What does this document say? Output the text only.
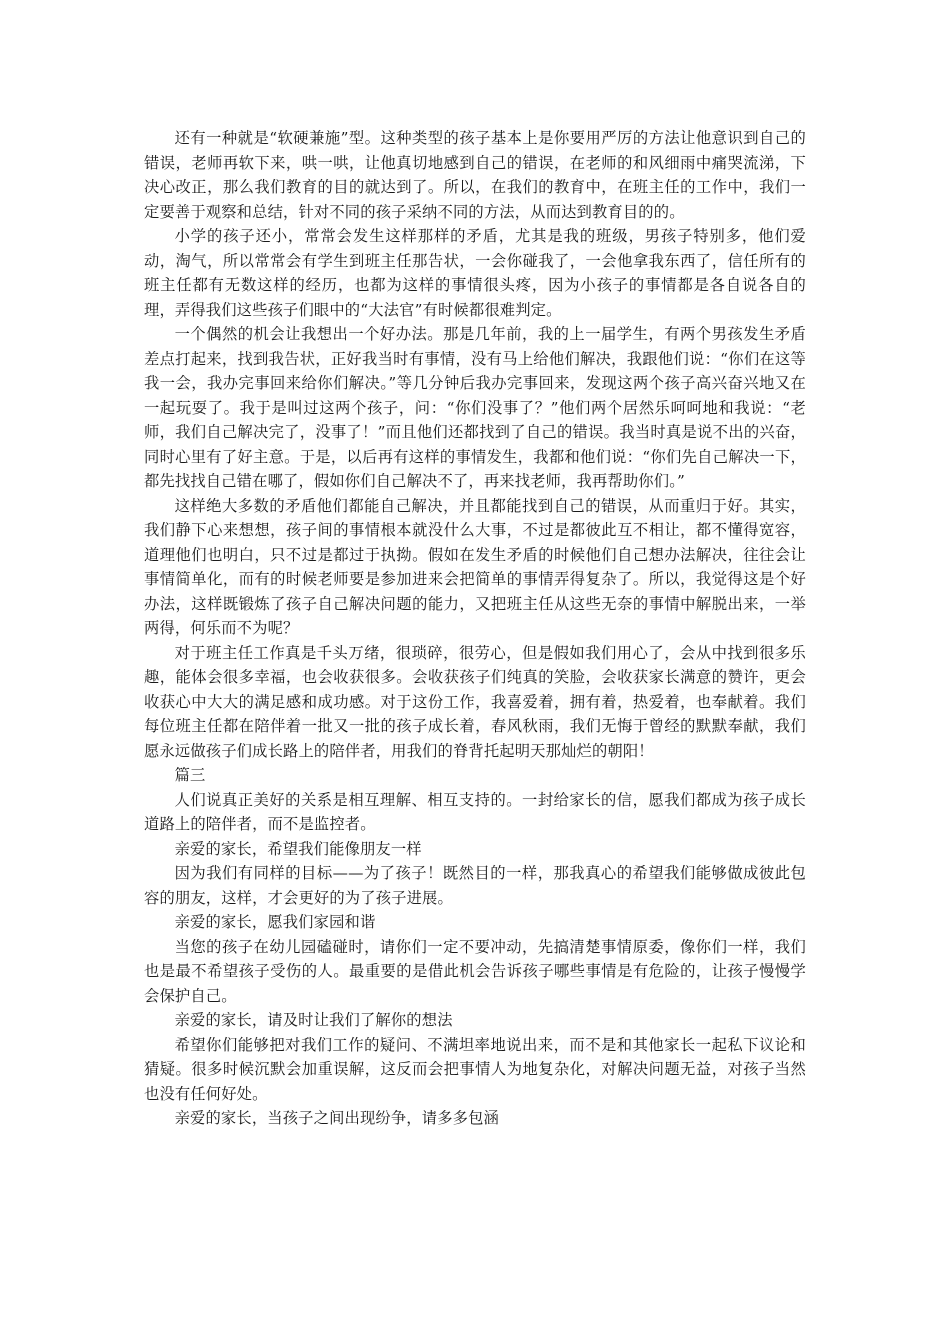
还有一种就是“软硬兼施”型。这种类型的孩子基本上是你要用严厉的方法让他意识到自己的错误，老师再软下来，哄一哄，让他真切地感到自己的错误，在老师的和风细雨中痛哭流涕，下决心改正，那么我们教育的目的就达到了。所以，在我们的教育中，在班主任的工作中，我们一定要善于观察和总结，针对不同的孩子采纳不同的方法，从而达到教育目的的。

小学的孩子还小，常常会发生这样那样的矛盾，尤其是我的班级，男孩子特别多，他们爱动，淘气，所以常常会有学生到班主任那告状，一会你碰我了，一会他拿我东西了，信任所有的班主任都有无数这样的经历，也都为这样的事情很头疼，因为小孩子的事情都是各自说各自的理，弄得我们这些孩子们眼中的“大法官”有时候都很难判定。

一个偶然的机会让我想出一个好办法。那是几年前，我的上一届学生，有两个男孩发生矛盾差点打起来，找到我告状，正好我当时有事情，没有马上给他们解决，我跟他们说：“你们在这等我一会，我办完事回来给你们解决。”等几分钟后我办完事回来，发现这两个孩子高兴奋兴地又在一起玩耍了。我于是叫过这两个孩子，问：“你们没事了？”他们两个居然乐呵呵地和我说：“老师，我们自己解决完了，没事了！”而且他们还都找到了自己的错误。我当时真是说不出的兴奋，同时心里有了好主意。于是，以后再有这样的事情发生，我都和他们说：“你们先自己解决一下，都先找找自己错在哪了，假如你们自己解决不了，再来找老师，我再帮助你们。”

这样绝大多数的矛盾他们都能自己解决，并且都能找到自己的错误，从而重归于好。其实，我们静下心来想想，孩子间的事情根本就没什么大事，不过是都彼此互不相让，都不懂得宽容，道理他们也明白，只不过是都过于执拗。假如在发生矛盾的时候他们自己想办法解决，往往会让事情简单化，而有的时候老师要是参加进来会把简单的事情弄得复杂了。所以，我觉得这是个好办法，这样既锻炼了孩子自己解决问题的能力，又把班主任从这些无奈的事情中解脱出来，一举两得，何乐而不为呢？

对于班主任工作真是千头万绪，很琐碎，很劳心，但是假如我们用心了，会从中找到很多乐趣，能体会很多幸福，也会收获很多。会收获孩子们纯真的笑脸，会收获家长满意的赞许，更会收获心中大大的满足感和成功感。对于这份工作，我喜爱着，拥有着，热爱着，也奉献着。我们每位班主任都在陪伴着一批又一批的孩子成长着，春风秋雨，我们无悔于曾经的默默奉献，我们愿永远做孩子们成长路上的陪伴者，用我们的脊背托起明天那灿烂的朝阳！

篇三

人们说真正美好的关系是相互理解、相互支持的。一封给家长的信，愿我们都成为孩子成长道路上的陪伴者，而不是监控者。

亲爱的家长，希望我们能像朋友一样

因为我们有同样的目标——为了孩子！既然目的一样，那我真心的希望我们能够做成彼此包容的朋友，这样，才会更好的为了孩子进展。

亲爱的家长，愿我们家园和谐

当您的孩子在幼儿园磕碰时，请你们一定不要冲动，先搞清楚事情原委，像你们一样，我们也是最不希望孩子受伤的人。最重要的是借此机会告诉孩子哪些事情是有危险的，让孩子慢慢学会保护自己。

亲爱的家长，请及时让我们了解你的想法

希望你们能够把对我们工作的疑问、不满坦率地说出来，而不是和其他家长一起私下议论和猜疑。很多时候沉默会加重误解，这反而会把事情人为地复杂化，对解决问题无益，对孩子当然也没有任何好处。

亲爱的家长，当孩子之间出现纷争，请多多包涵
